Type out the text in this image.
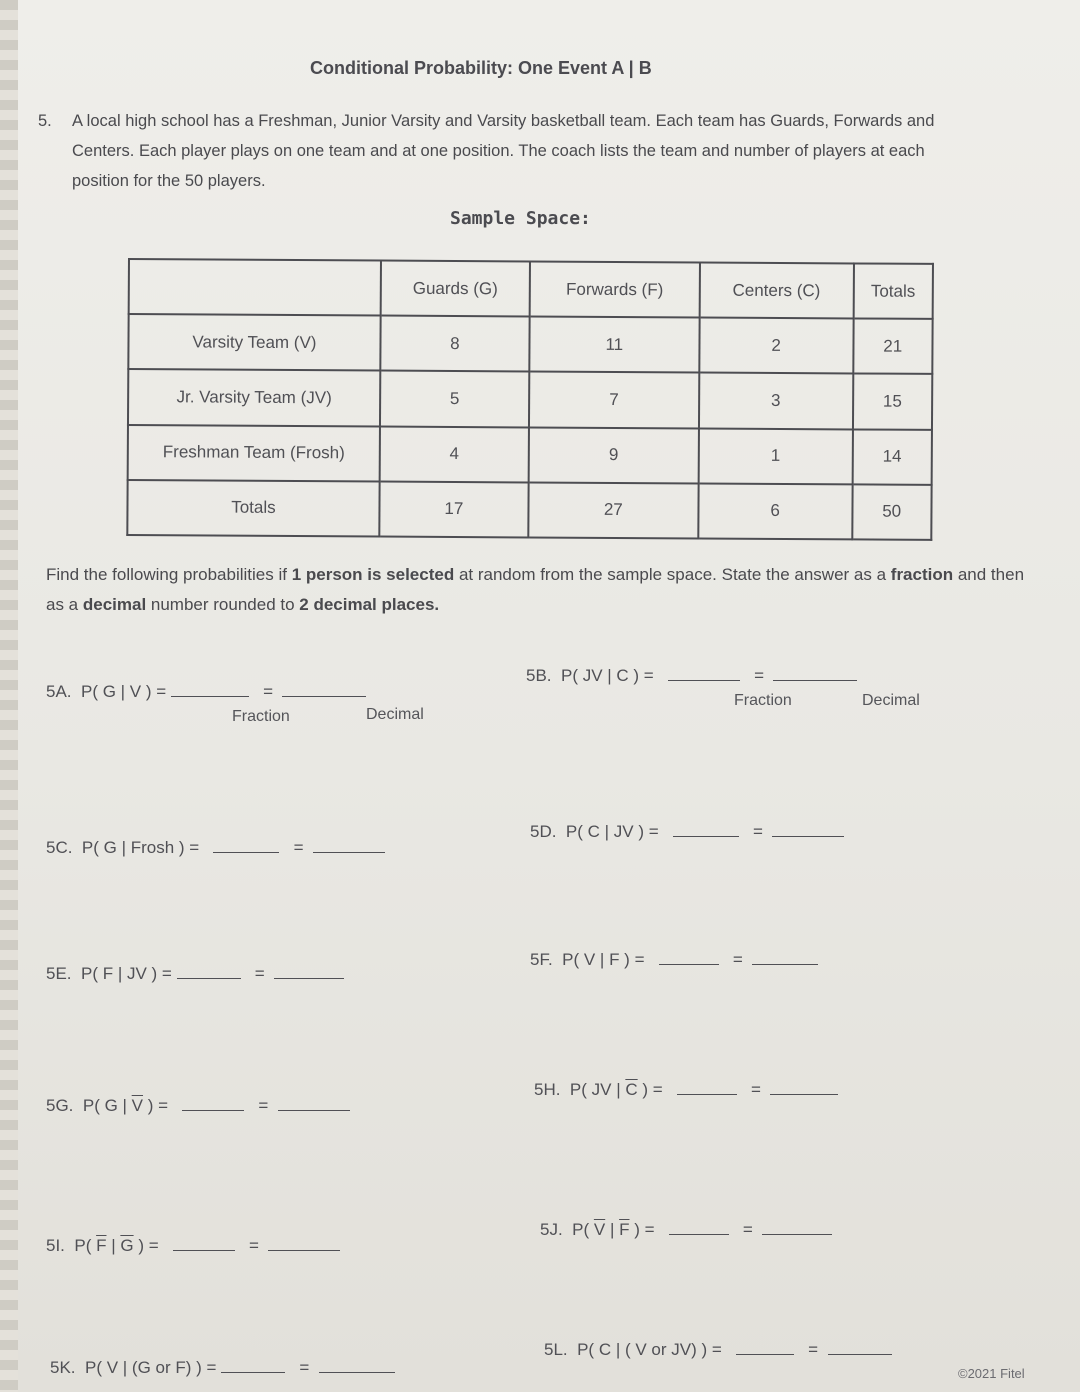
Conditional Probability: One Event A | B
5. A local high school has a Freshman, Junior Varsity and Varsity basketball team. Each team has Guards, Forwards and Centers. Each player plays on one team and at one position. The coach lists the team and number of players at each position for the 50 players.
Sample Space:
	Guards (G)	Forwards (F)	Centers (C)	Totals
Varsity Team (V)	8	11	2	21
Jr. Varsity Team (JV)	5	7	3	15
Freshman Team (Frosh)	4	9	1	14
Totals	17	27	6	50
Find the following probabilities if 1 person is selected at random from the sample space. State the answer as a fraction and then as a decimal number rounded to 2 decimal places.
5A. P( G | V ) =	=
Fraction	Decimal
5B. P( JV | C ) =	=
Fraction	Decimal
5C. P( G | Frosh ) =	=
5D. P( C | JV ) =	=
5E. P( F | JV ) =	=
5F. P( V | F ) =	=
5G. P( G | $\overline{V}$ ) =	=
5H. P( JV | $\overline{C}$ ) =	=
5I. P( $\overline{F}$ | $\overline{G}$ ) =	=
5J. P( $\overline{V}$ | $\overline{F}$ ) =	=
5K. P( V | (G or F) ) =	=
5L. P( C | ( V or JV) ) =	=
©2021 Fitel
